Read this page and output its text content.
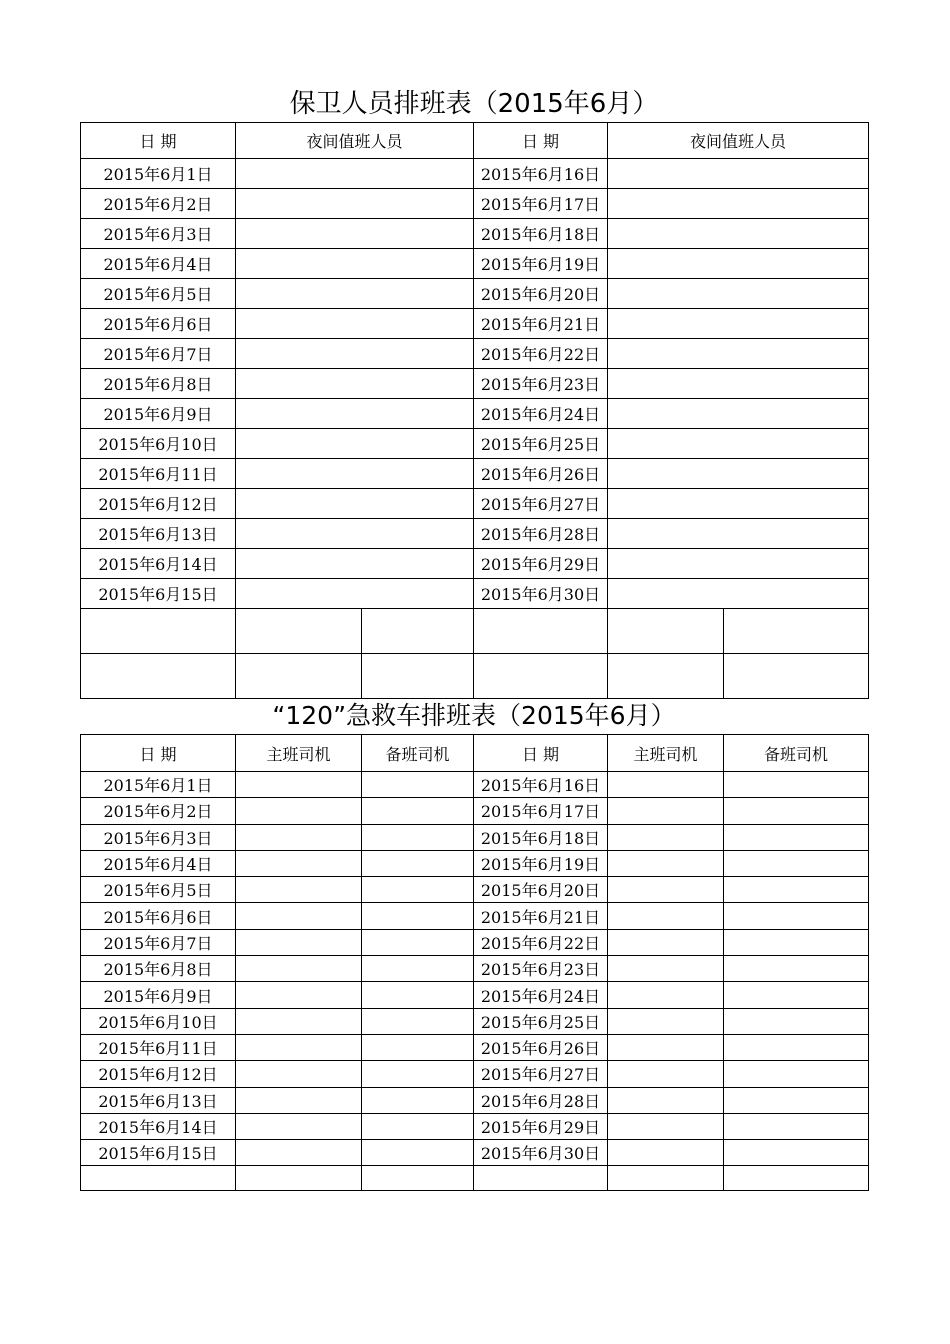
保卫人员排班表（2015年6月）
日 期	夜间值班人员		日 期	夜间值班人员	
2015年6月1日			2015年6月16日		
2015年6月2日			2015年6月17日		
2015年6月3日			2015年6月18日		
2015年6月4日			2015年6月19日		
2015年6月5日			2015年6月20日		
2015年6月6日			2015年6月21日		
2015年6月7日			2015年6月22日		
2015年6月8日			2015年6月23日		
2015年6月9日			2015年6月24日		
2015年6月10日			2015年6月25日		
2015年6月11日			2015年6月26日		
2015年6月12日			2015年6月27日		
2015年6月13日			2015年6月28日		
2015年6月14日			2015年6月29日		
2015年6月15日			2015年6月30日		

“120”急救车排班表（2015年6月）
日 期	主班司机	备班司机	日 期	主班司机	备班司机
2015年6月1日			2015年6月16日		
2015年6月2日			2015年6月17日		
2015年6月3日			2015年6月18日		
2015年6月4日			2015年6月19日		
2015年6月5日			2015年6月20日		
2015年6月6日			2015年6月21日		
2015年6月7日			2015年6月22日		
2015年6月8日			2015年6月23日		
2015年6月9日			2015年6月24日		
2015年6月10日			2015年6月25日		
2015年6月11日			2015年6月26日		
2015年6月12日			2015年6月27日		
2015年6月13日			2015年6月28日		
2015年6月14日			2015年6月29日		
2015年6月15日			2015年6月30日		
